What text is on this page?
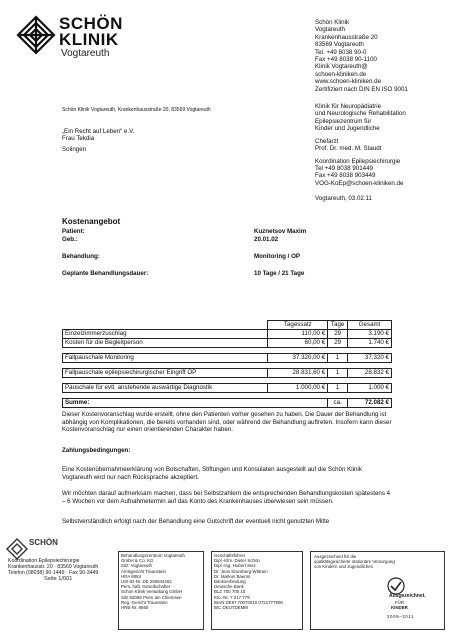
SCHÖN
KLINIK
Vogtareuth
Schön Klinik
Vogtareuth
Krankenhausstraße 20
83569 Vogtareuth
Tel. +49 8038 90-0
Fax +49 8038 90-1100
Klinik Vogtareuth@
schoen-kliniken.de
www.schoen-kliniken.de
Zertifiziert nach DIN EN ISO 9001
Klinik für Neuropädiatrie
und Neurologische Rehabilitation
Epilepsiezentrum für
Kinder und Jugendliche
Chefarzt
Prof. Dr. med. M. Staudt
Koordination Epilepsiechirurgie
Tel +49 8038 901449
Fax +49 8038 903449
VOG-KoEp@schoen-kliniken.de
Vogtareuth, 03.02.11
Schön Klinik Vogtareuth, Krankenhausstraße 20, 83569 Vogtareuth
„Ein Recht auf Leben“ e.V.
Frau Tekdia
Solingen
Kostenangebot
Patient:	Kuznetsov Maxim
Geb.:	20.01.02
Behandlung:	Monitoring / OP
Geplante Behandlungsdauer:	10 Tage / 21 Tage
	Tagessatz	Tage	Gesamt
Einzelzimmerzuschlag	110,00 €	29	3.190 €
Kosten für die Begleitperson	60,00 €	29	1.740 €

Fallpauschale Monitoring	37.320,00 €	1	37.320 €

Fallpauschale epilepsiechirurgischer Eingriff OP	28.831,60 €	1	28.832 €

Pauschale für evtl. anstehende auswärtige Diagnostik	1.000,00 €	1	1.000 €

Summe:		ca.	72.082 €
Dieser Kostenvoranschlag wurde erstellt, ohne den Patienten vorher gesehen zu haben. Die Dauer der Behandlung ist abhängig von Komplikationen, die bereits vorhanden sind, oder während der Behandlung auftreten. Insofern kann dieser Kostenvoranschlag nur einen orientierenden Charakter haben.
Zahlungsbedingungen:
Eine Kostenübernahmeerklärung von Botschaften, Stiftungen und Konsulaten ausgestellt auf die Schön Klinik Vogtareuth wird nur nach Rücksprache akzeptiert.
Wir möchten darauf aufmerksam machen, dass bei Selbstzahlern die entsprechenden Behandlungskosten spätestens 4 – 6 Wochen vor dem Aufnahmetermin auf das Konto des Krankenhauses überwiesen sein müssen.
Selbstverständlich erfolgt nach der Behandlung eine Gutschrift der eventuell nicht genutzten Mitte
SCHÖN
Koordination Epilepsiechirurgie
Krankenhausstr. 20 · 83569 Vogtareuth
Telefon (08038) 90-1449 · Fax 90-3449
Seite 1/001
Behandlungszentrum Vogtareuth
GmbH & Co. KG
Sitz: Vogtareuth
Amtsgericht Traunstein
HRA 8084
USt-ID-Nr. DE 255844492
Pers. haft. Gesellschafter
Schön Klinik Verwaltung GmbH
Sitz 82069 Prien am Chiemsee
Reg.-Gericht Traunstein
HRB-Nr. 8660
Geschäftsführer
Dipl.-Kfm. Dieter Schön
Dipl.-Ing. Hubert Seiz
Dr. Jens Eisenberg-Wittram
Dr. Markus Baerns
Bankverbindung
Deutsche Bank
BLZ 700 700 10
Kto.-Nr. 7 217 779
IBAN DE97 70070010 0721777900
BIC DEUTDEMM
Ausgezeichnet für die
qualitätsgesicherte stationäre Versorgung
von Kindern und Jugendlichen
Ausgezeichnet.
FÜR
KINDER
2009–2011
